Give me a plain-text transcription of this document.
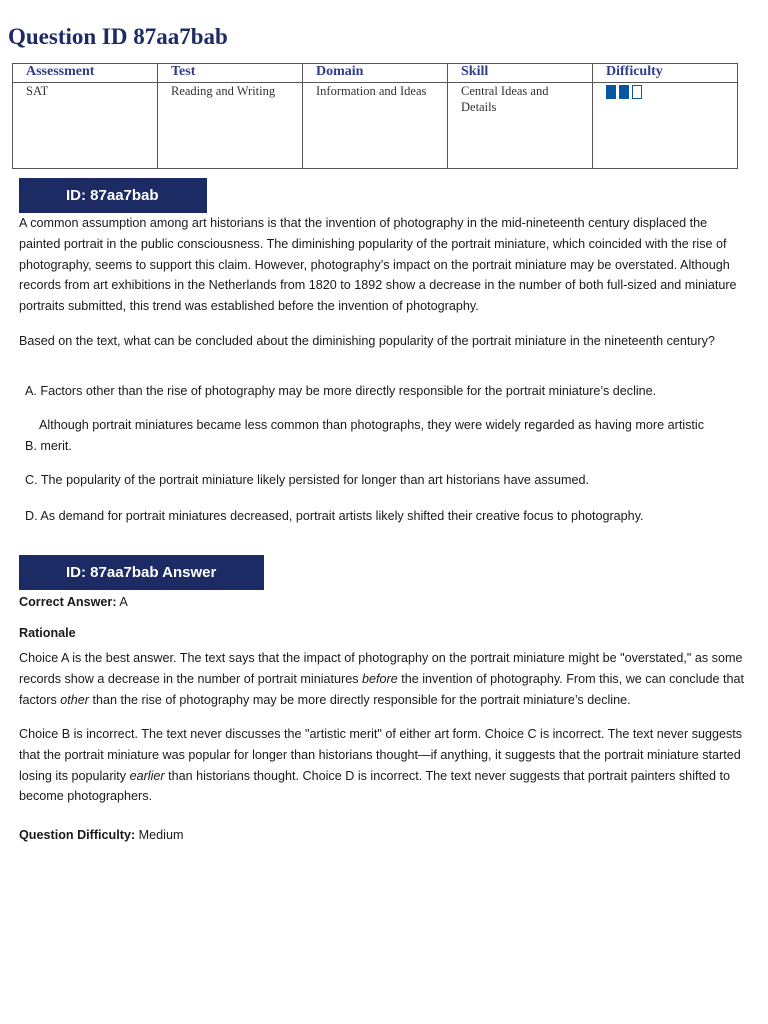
Question ID 87aa7bab
Assessment	Test	Domain	Skill	Difficulty
SAT	Reading and Writing	Information and Ideas	Central Ideas and Details	
ID: 87aa7bab

A common assumption among art historians is that the invention of photography in the mid-nineteenth century displaced the painted portrait in the public consciousness. The diminishing popularity of the portrait miniature, which coincided with the rise of photography, seems to support this claim. However, photography’s impact on the portrait miniature may be overstated. Although records from art exhibitions in the Netherlands from 1820 to 1892 show a decrease in the number of both full-sized and miniature portraits submitted, this trend was established before the invention of photography.

Based on the text, what can be concluded about the diminishing popularity of the portrait miniature in the nineteenth century?

A. Factors other than the rise of photography may be more directly responsible for the portrait miniature’s decline.

Although portrait miniatures became less common than photographs, they were widely regarded as having more artistic
B. merit.

C. The popularity of the portrait miniature likely persisted for longer than art historians have assumed.

D. As demand for portrait miniatures decreased, portrait artists likely shifted their creative focus to photography.

ID: 87aa7bab Answer

Correct Answer: A

Rationale

Choice A is the best answer. The text says that the impact of photography on the portrait miniature might be "overstated," as some records show a decrease in the number of portrait miniatures before the invention of photography. From this, we can conclude that factors other than the rise of photography may be more directly responsible for the portrait miniature’s decline.

Choice B is incorrect. The text never discusses the "artistic merit" of either art form. Choice C is incorrect. The text never suggests that the portrait miniature was popular for longer than historians thought—if anything, it suggests that the portrait miniature started losing its popularity earlier than historians thought. Choice D is incorrect. The text never suggests that portrait painters shifted to become photographers.

Question Difficulty: Medium
